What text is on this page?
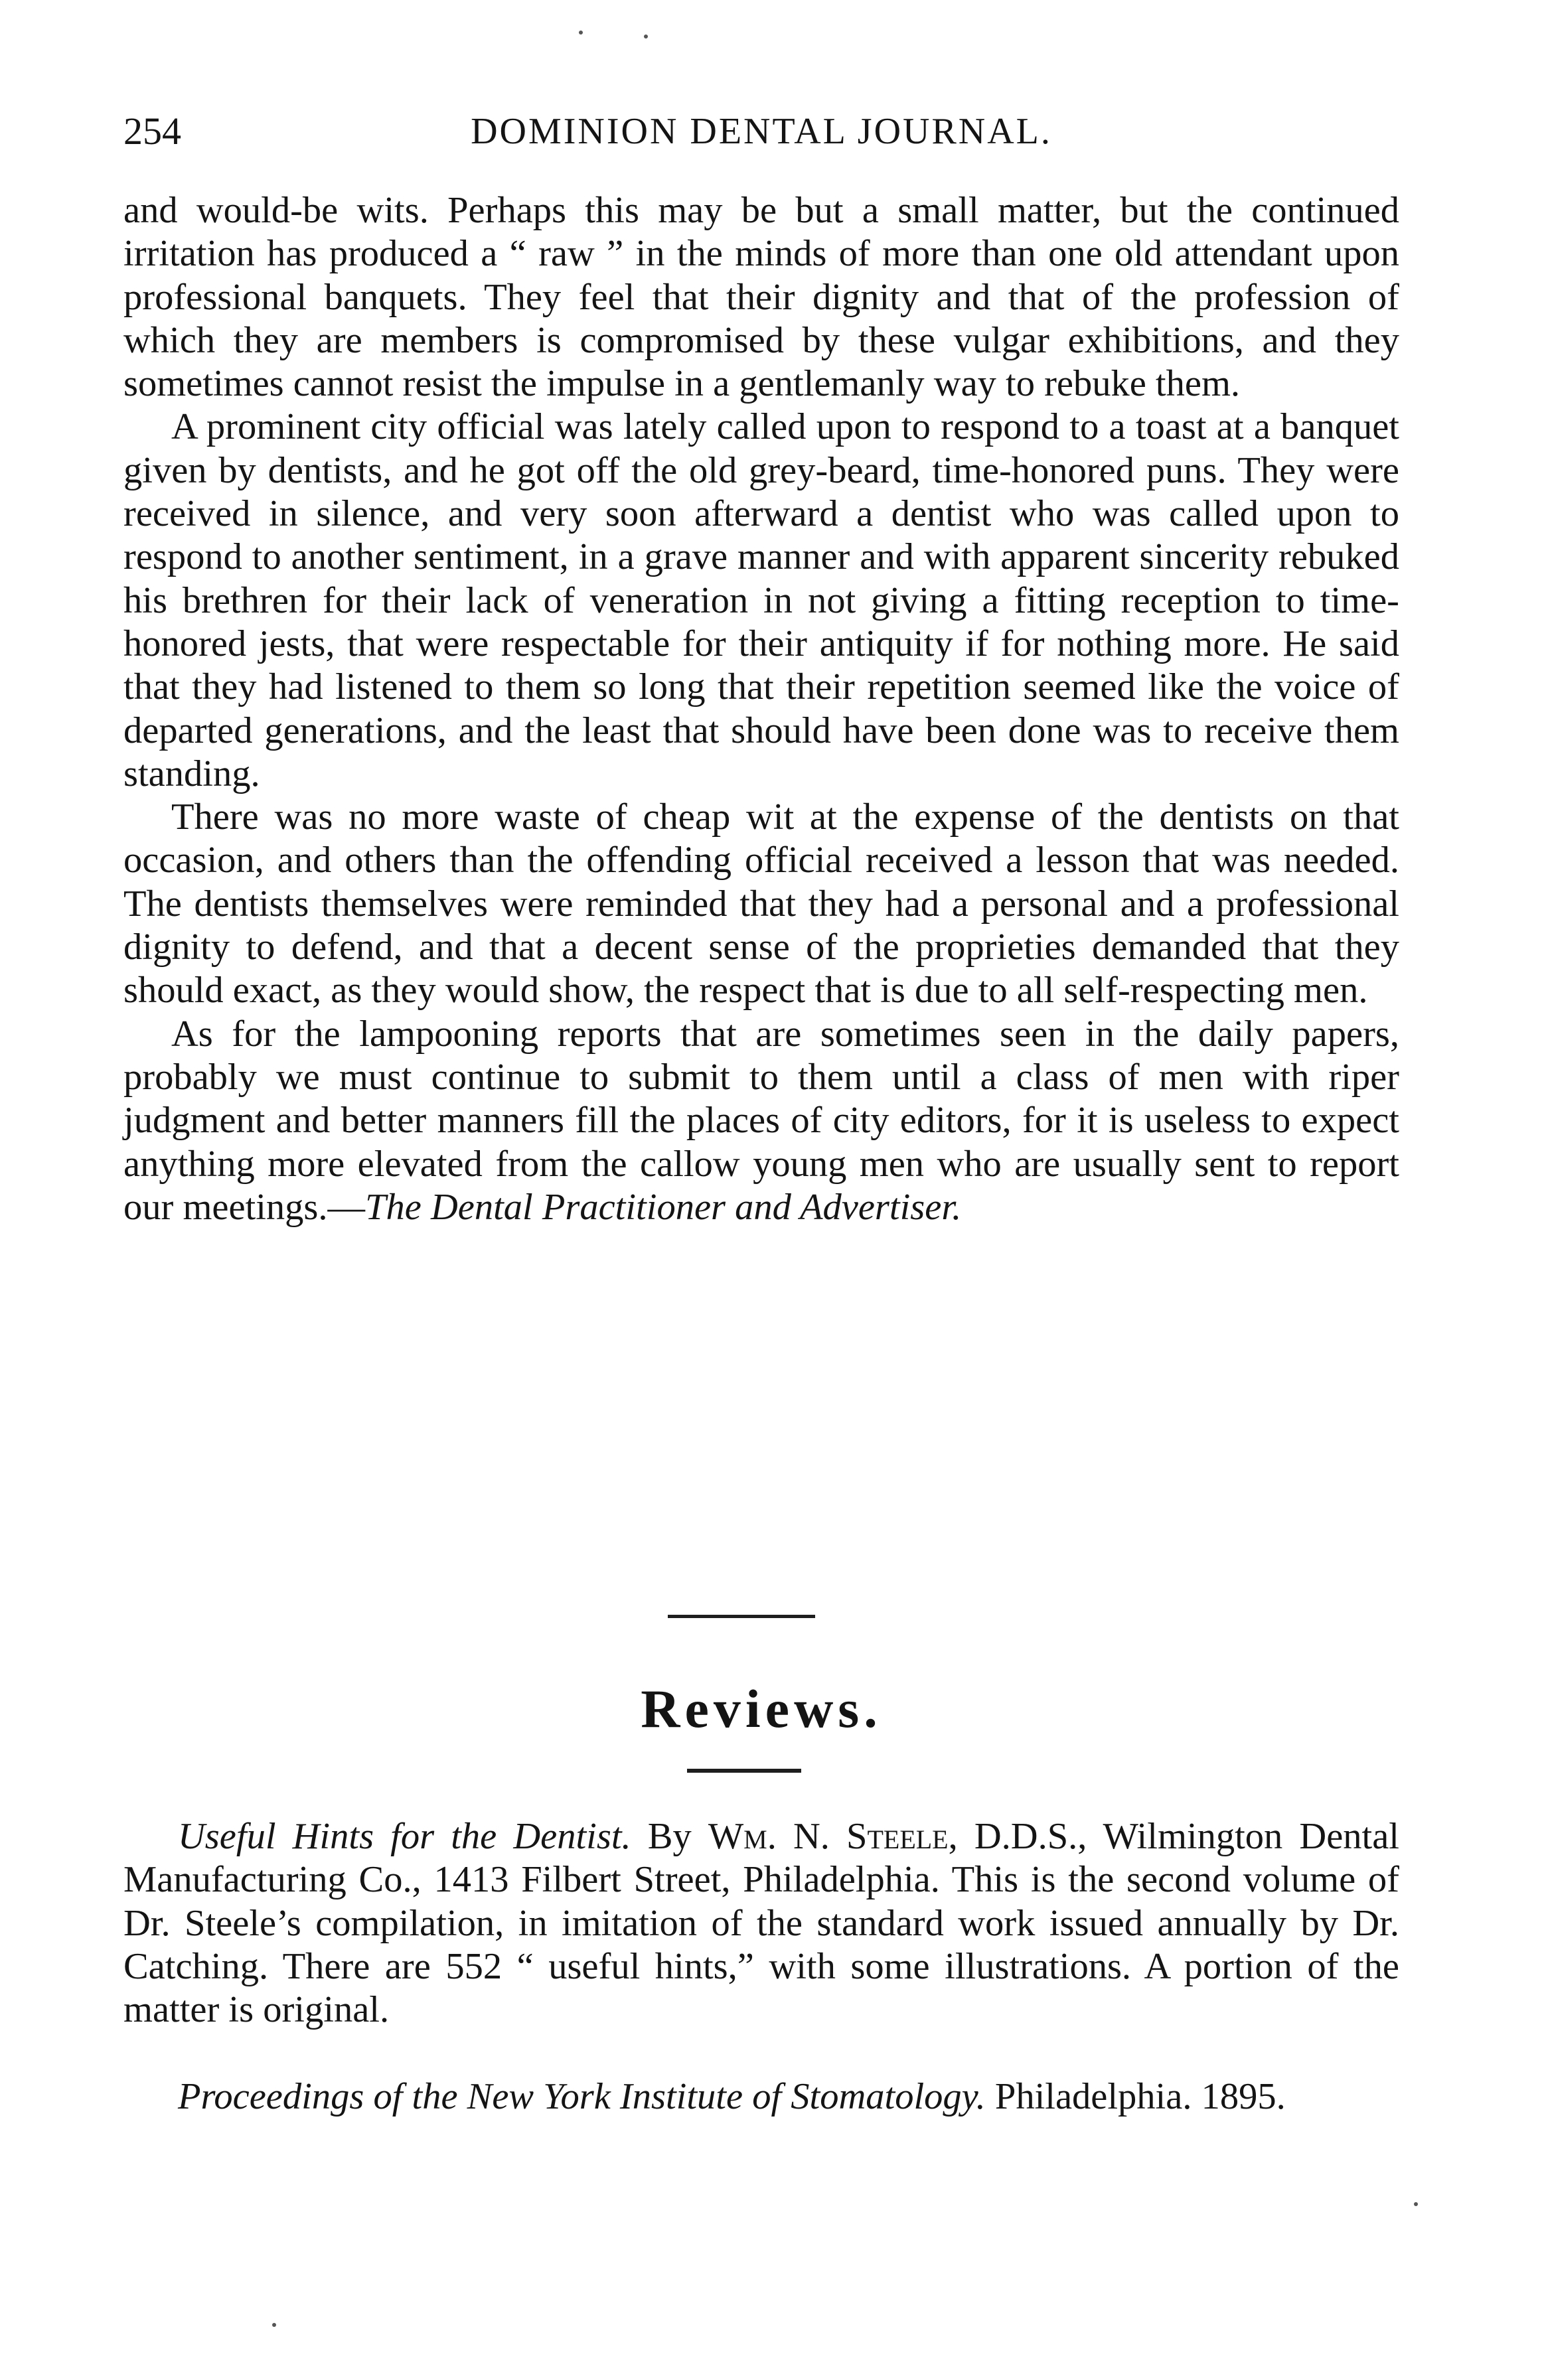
254	DOMINION DENTAL JOURNAL.

and would-be wits. Perhaps this may be but a small matter, but the continued irritation has produced a “ raw ” in the minds of more than one old attendant upon professional banquets. They feel that their dignity and that of the profession of which they are members is compromised by these vulgar exhibitions, and they sometimes cannot resist the impulse in a gentlemanly way to rebuke them.

A prominent city official was lately called upon to respond to a toast at a banquet given by dentists, and he got off the old grey-beard, time-honored puns. They were received in silence, and very soon afterward a dentist who was called upon to respond to another sentiment, in a grave manner and with apparent sincerity rebuked his brethren for their lack of veneration in not giving a fitting reception to time-honored jests, that were respectable for their antiquity if for nothing more. He said that they had listened to them so long that their repetition seemed like the voice of departed generations, and the least that should have been done was to receive them standing.

There was no more waste of cheap wit at the expense of the dentists on that occasion, and others than the offending official received a lesson that was needed. The dentists themselves were reminded that they had a personal and a professional dignity to defend, and that a decent sense of the proprieties demanded that they should exact, as they would show, the respect that is due to all self-respecting men.

As for the lampooning reports that are sometimes seen in the daily papers, probably we must continue to submit to them until a class of men with riper judgment and better manners fill the places of city editors, for it is useless to expect anything more elevated from the callow young men who are usually sent to report our meetings.—The Dental Practitioner and Advertiser.

Reviews.

Useful Hints for the Dentist. By Wm. N. Steele, D.D.S., Wilmington Dental Manufacturing Co., 1413 Filbert Street, Philadelphia. This is the second volume of Dr. Steele’s compilation, in imitation of the standard work issued annually by Dr. Catching. There are 552 “ useful hints,” with some illustrations. A portion of the matter is original.

Proceedings of the New York Institute of Stomatology. Philadelphia. 1895.
